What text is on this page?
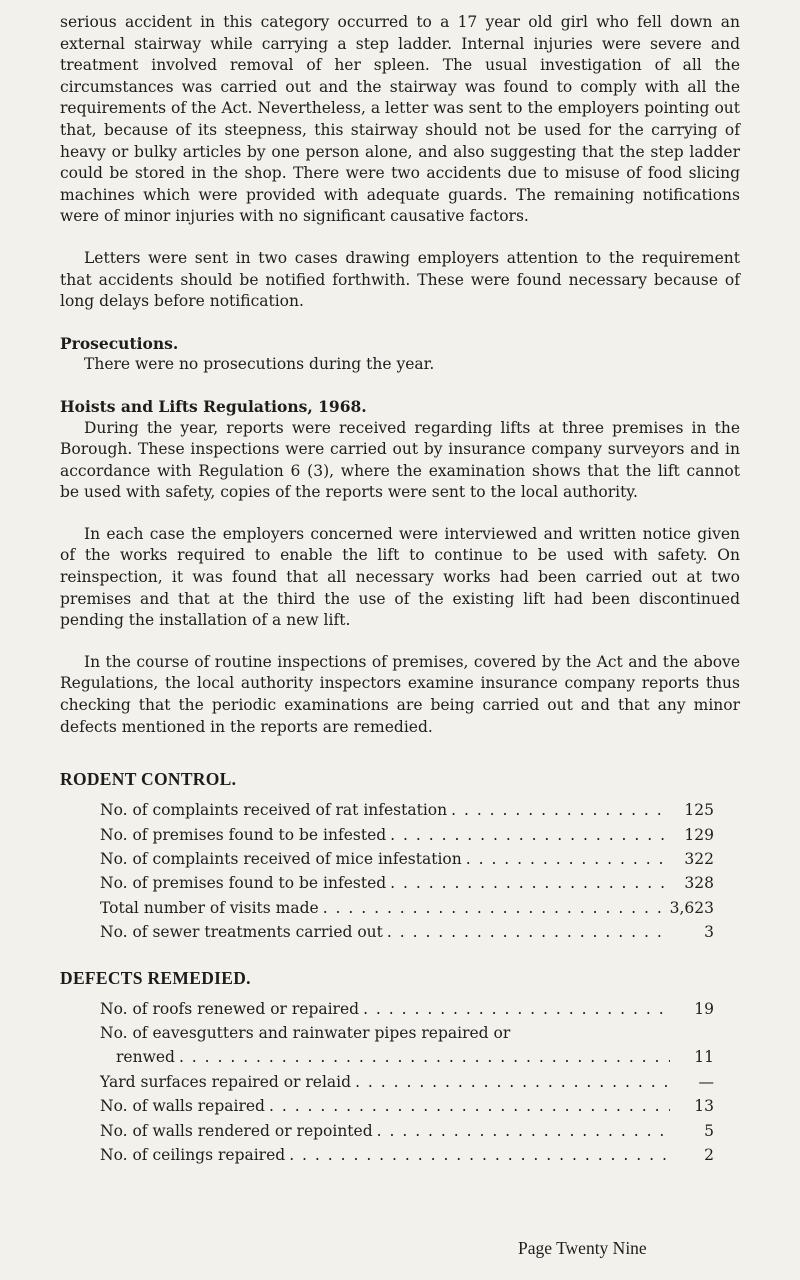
serious accident in this category occurred to a 17 year old girl who fell down an external stairway while carrying a step ladder. Internal injuries were severe and treatment involved removal of her spleen. The usual investigation of all the circumstances was carried out and the stairway was found to comply with all the requirements of the Act. Nevertheless, a letter was sent to the employers pointing out that, because of its steepness, this stairway should not be used for the carrying of heavy or bulky articles by one person alone, and also suggesting that the step ladder could be stored in the shop. There were two accidents due to misuse of food slicing machines which were provided with adequate guards. The remaining notifications were of minor injuries with no significant causative factors.

Letters were sent in two cases drawing employers attention to the requirement that accidents should be notified forthwith. These were found necessary because of long delays before notification.

Prosecutions.

There were no prosecutions during the year.

Hoists and Lifts Regulations, 1968.

During the year, reports were received regarding lifts at three premises in the Borough. These inspections were carried out by insurance company surveyors and in accordance with Regulation 6 (3), where the examination shows that the lift cannot be used with safety, copies of the reports were sent to the local authority.

In each case the employers concerned were interviewed and written notice given of the works required to enable the lift to continue to be used with safety. On reinspection, it was found that all necessary works had been carried out at two premises and that at the third the use of the existing lift had been discontinued pending the installation of a new lift.

In the course of routine inspections of premises, covered by the Act and the above Regulations, the local authority inspectors examine insurance company reports thus checking that the periodic examinations are being carried out and that any minor defects mentioned in the reports are remedied.

RODENT CONTROL.
No. of complaints received of rat infestation . . .	125
No. of premises found to be infested . . .	129
No. of complaints received of mice infestation . . .	322
No. of premises found to be infested . . .	328
Total number of visits made . . .	3,623
No. of sewer treatments carried out . . .	3
DEFECTS REMEDIED.
No. of roofs renewed or repaired . . .	19
No. of eavesgutters and rainwater pipes repaired or
renwed . . .	11
Yard surfaces repaired or relaid . . .	—
No. of walls repaired . . .	13
No. of walls rendered or repointed . . .	5
No. of ceilings repaired . . .	2
Page Twenty Nine
